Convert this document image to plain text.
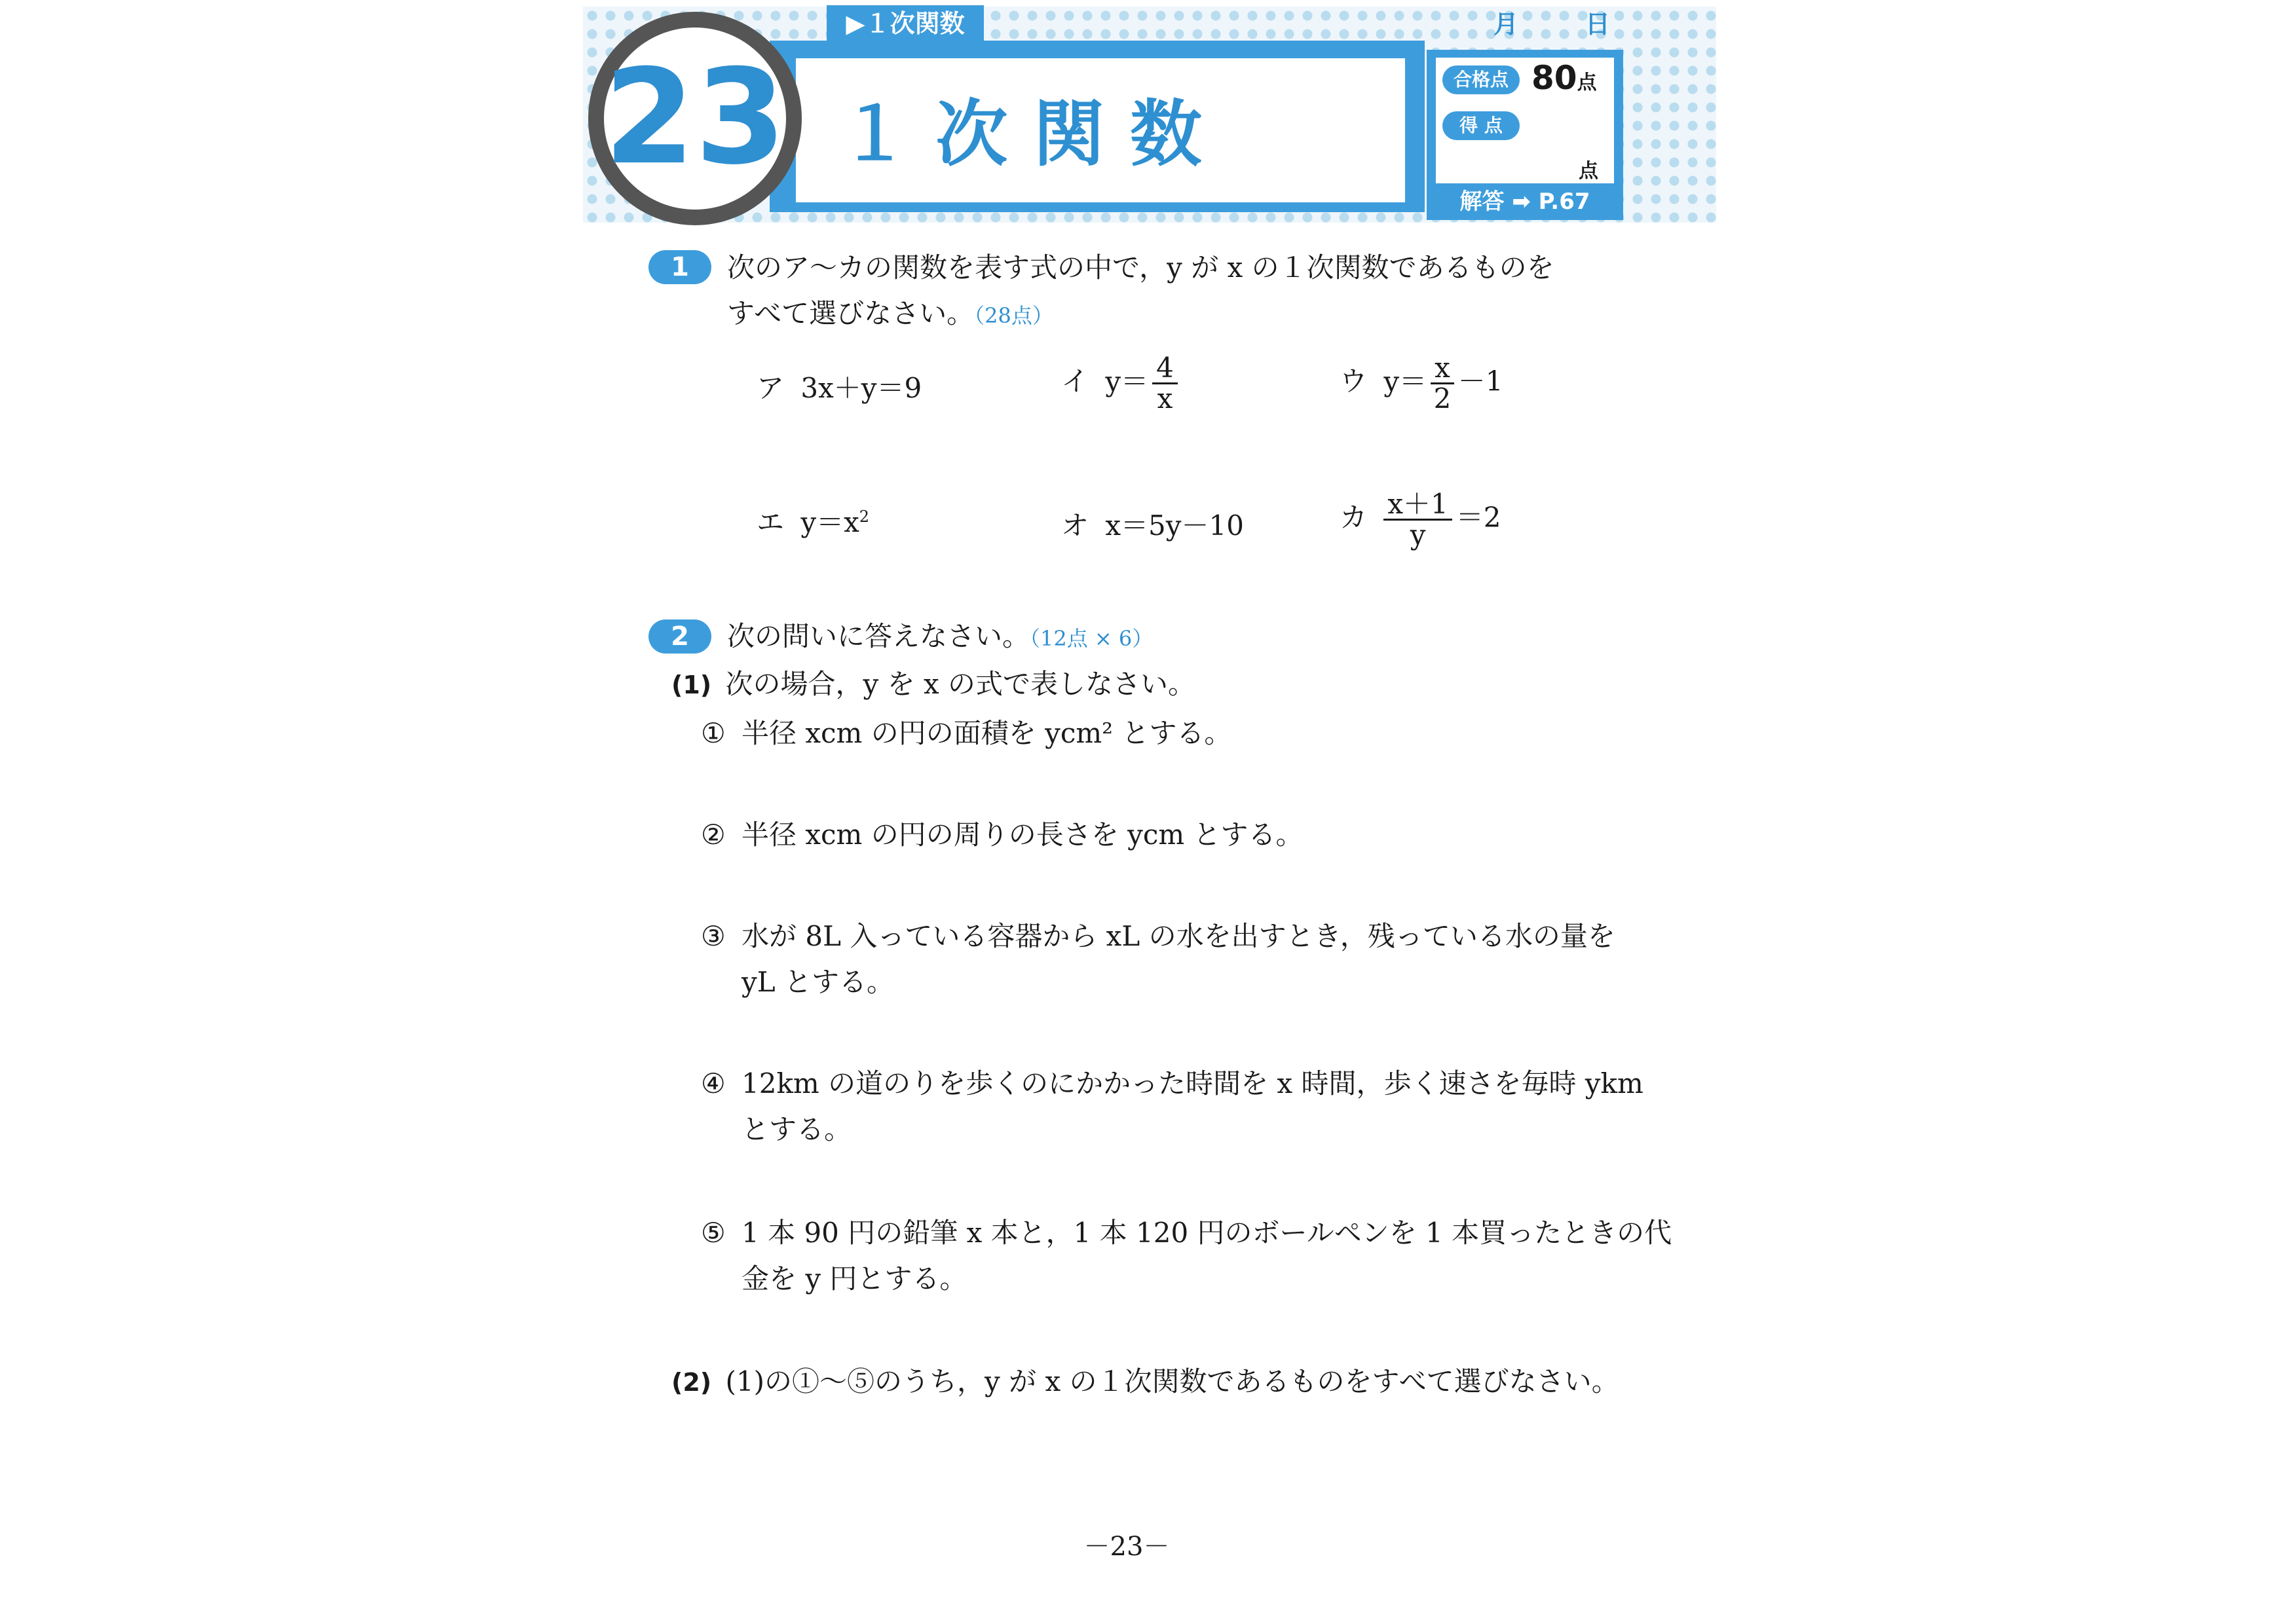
▶１次関数
23 １ 次 関 数
月	日
合格点 80点
得 点
点
解答 ➡ P.67
1	次のア～カの関数を表す式の中で，y が x の１次関数であるものを
すべて選びなさい。（28点）
ア 3x＋y＝9	イ $y= \frac{4}{x}$	ウ $y= \frac{x}{2} -1$
エ $y=x^2$	オ x＝5y－10	カ $\frac{x+1}{y} =2$
2	次の問いに答えなさい。（12点 × 6）
(1) 次の場合，y を x の式で表しなさい。
① 半径 xcm の円の面積を ycm² とする。
② 半径 xcm の円の周りの長さを ycm とする。
③ 水が 8L 入っている容器から xL の水を出すとき，残っている水の量を
yL とする。
④ 12km の道のりを歩くのにかかった時間を x 時間，歩く速さを毎時 ykm
とする。
⑤ 1 本 90 円の鉛筆 x 本と，1 本 120 円のボールペンを 1 本買ったときの代
金を y 円とする。
(2) (1)の①～⑤のうち，y が x の１次関数であるものをすべて選びなさい。
－23－
